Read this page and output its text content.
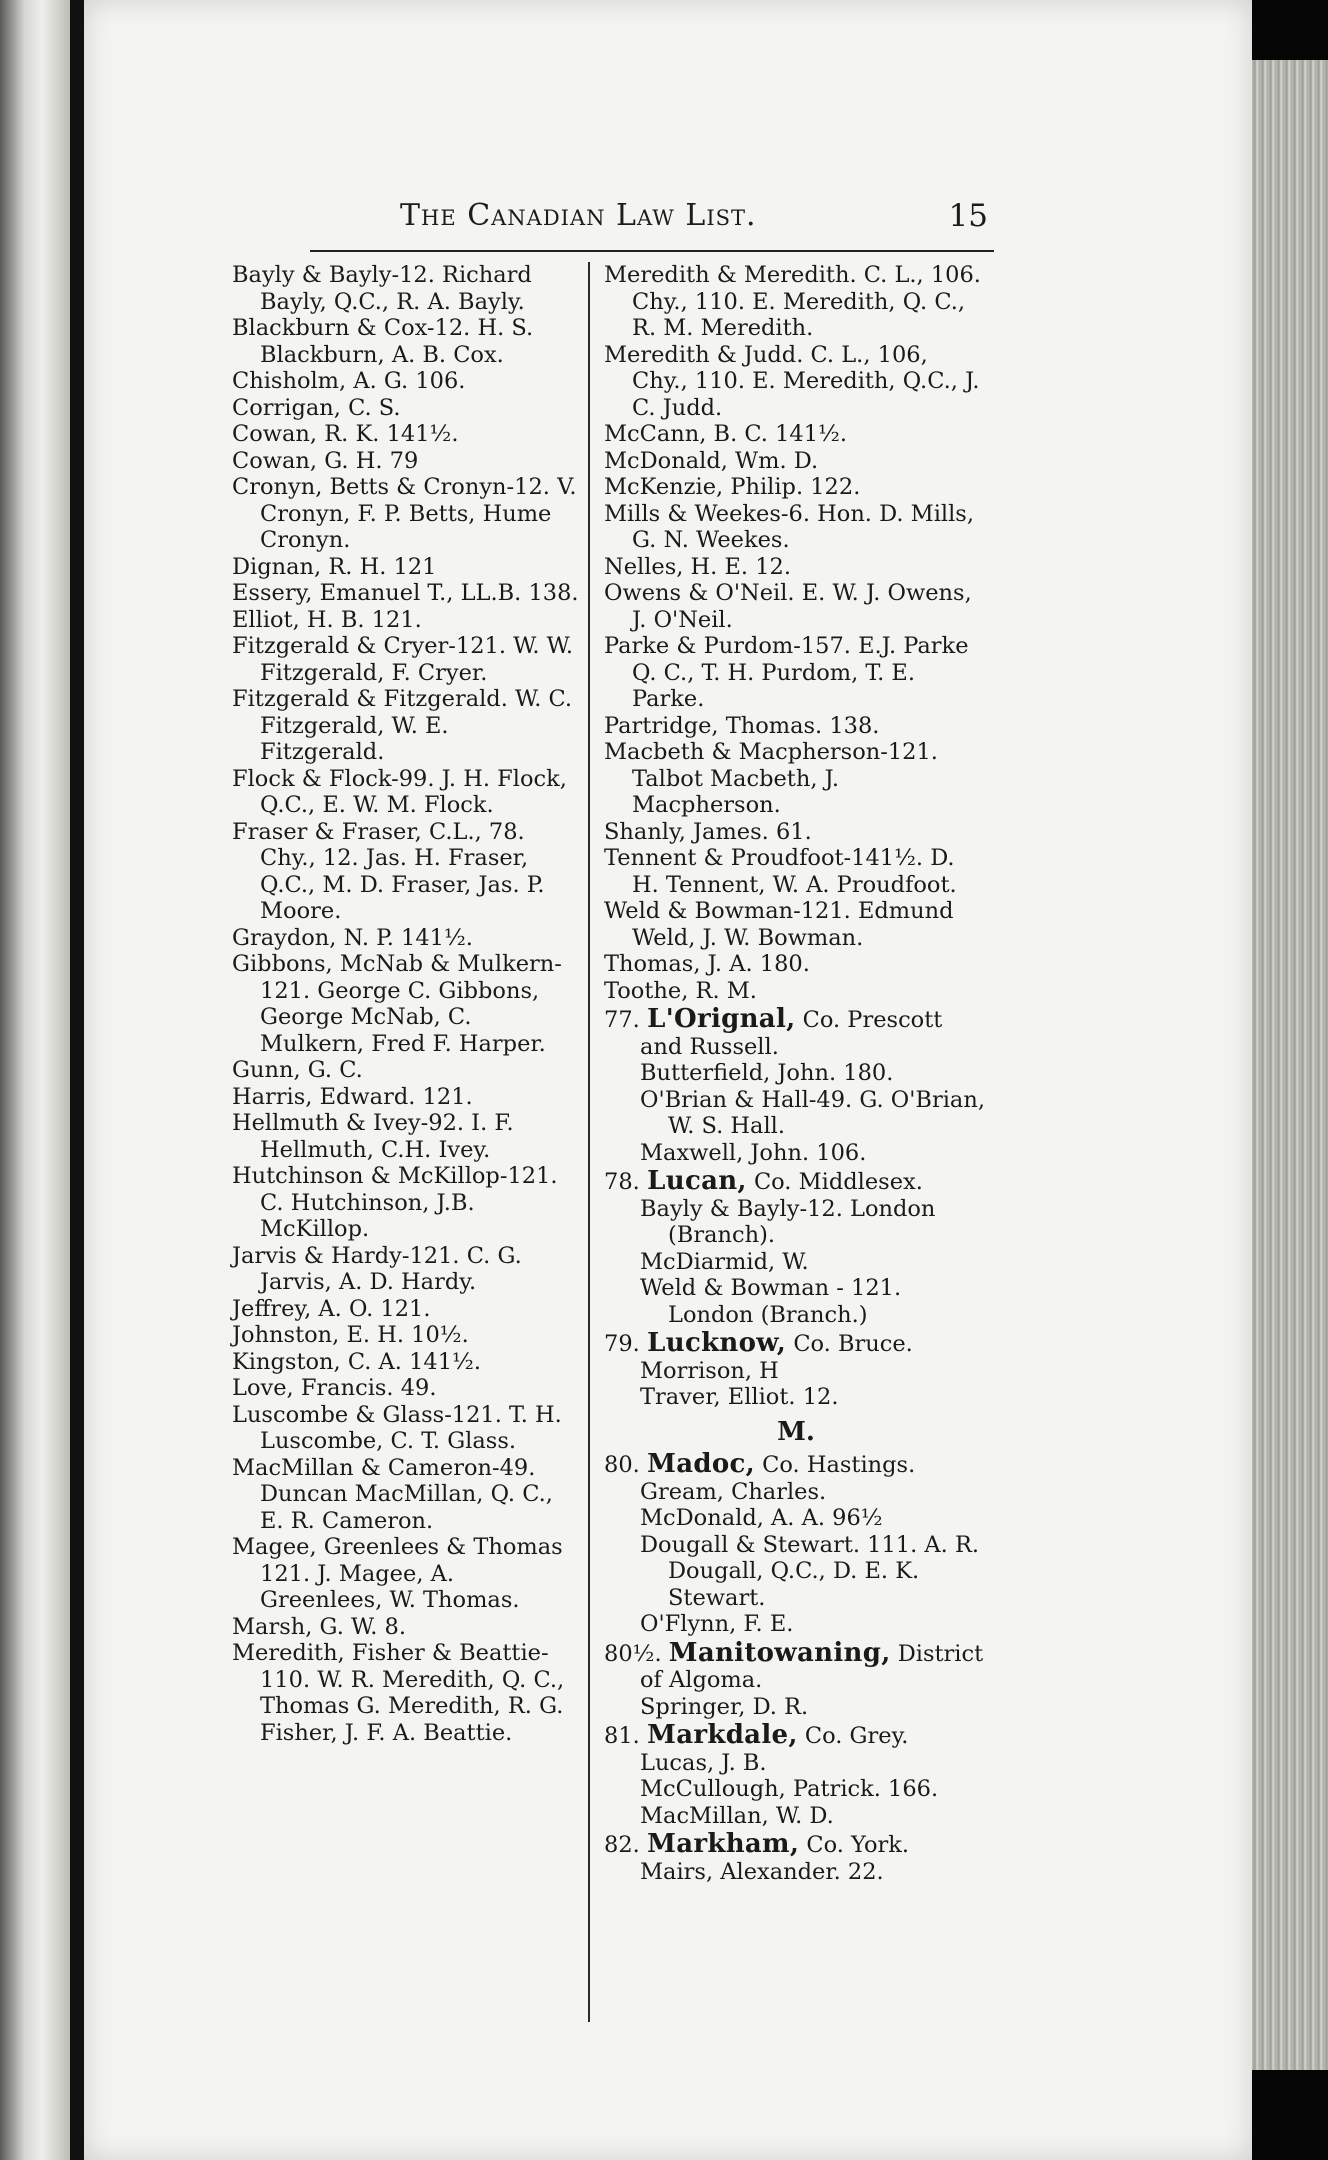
The Canadian Law List.	15
Bayly & Bayly-12. Richard Bayly, Q.C., R. A. Bayly.
Blackburn & Cox-12. H. S. Blackburn, A. B. Cox.
Chisholm, A. G. 106.
Corrigan, C. S.
Cowan, R. K. 141½.
Cowan, G. H. 79
Cronyn, Betts & Cronyn-12. V. Cronyn, F. P. Betts, Hume Cronyn.
Dignan, R. H. 121
Essery, Emanuel T., LL.B. 138.
Elliot, H. B. 121.
Fitzgerald & Cryer-121. W. W. Fitzgerald, F. Cryer.
Fitzgerald & Fitzgerald. W. C. Fitzgerald, W. E. Fitzgerald.
Flock & Flock-99. J. H. Flock, Q.C., E. W. M. Flock.
Fraser & Fraser, C.L., 78. Chy., 12. Jas. H. Fraser, Q.C., M. D. Fraser, Jas. P. Moore.
Graydon, N. P. 141½.
Gibbons, McNab & Mulkern-121. George C. Gibbons, George McNab, C. Mulkern, Fred F. Harper.
Gunn, G. C.
Harris, Edward. 121.
Hellmuth & Ivey-92. I. F. Hellmuth, C.H. Ivey.
Hutchinson & McKillop-121. C. Hutchinson, J.B. McKillop.
Jarvis & Hardy-121. C. G. Jarvis, A. D. Hardy.
Jeffrey, A. O. 121.
Johnston, E. H. 10½.
Kingston, C. A. 141½.
Love, Francis. 49.
Luscombe & Glass-121. T. H. Luscombe, C. T. Glass.
MacMillan & Cameron-49. Duncan MacMillan, Q. C., E. R. Cameron.
Magee, Greenlees & Thomas 121. J. Magee, A. Greenlees, W. Thomas.
Marsh, G. W. 8.
Meredith, Fisher & Beattie-110. W. R. Meredith, Q. C., Thomas G. Meredith, R. G. Fisher, J. F. A. Beattie.
Meredith & Meredith. C. L., 106. Chy., 110. E. Meredith, Q. C., R. M. Meredith.
Meredith & Judd. C. L., 106, Chy., 110. E. Meredith, Q.C., J. C. Judd.
McCann, B. C. 141½.
McDonald, Wm. D.
McKenzie, Philip. 122.
Mills & Weekes-6. Hon. D. Mills, G. N. Weekes.
Nelles, H. E. 12.
Owens & O'Neil. E. W. J. Owens, J. O'Neil.
Parke & Purdom-157. E.J. Parke Q. C., T. H. Purdom, T. E. Parke.
Partridge, Thomas. 138.
Macbeth & Macpherson-121. Talbot Macbeth, J. Macpherson.
Shanly, James. 61.
Tennent & Proudfoot-141½. D. H. Tennent, W. A. Proudfoot.
Weld & Bowman-121. Edmund Weld, J. W. Bowman.
Thomas, J. A. 180.
Toothe, R. M.
77. L'Orignal, Co. Prescott and Russell.
Butterfield, John. 180.
O'Brian & Hall-49. G. O'Brian, W. S. Hall.
Maxwell, John. 106.
78. Lucan, Co. Middlesex.
Bayly & Bayly-12. London (Branch).
McDiarmid, W.
Weld & Bowman - 121. London (Branch.)
79. Lucknow, Co. Bruce.
Morrison, H
Traver, Elliot. 12.
M.
80. Madoc, Co. Hastings.
Gream, Charles.
McDonald, A. A. 96½
Dougall & Stewart. 111. A. R. Dougall, Q.C., D. E. K. Stewart.
O'Flynn, F. E.
80½. Manitowaning, District of Algoma.
Springer, D. R.
81. Markdale, Co. Grey.
Lucas, J. B.
McCullough, Patrick. 166.
MacMillan, W. D.
82. Markham, Co. York.
Mairs, Alexander. 22.
